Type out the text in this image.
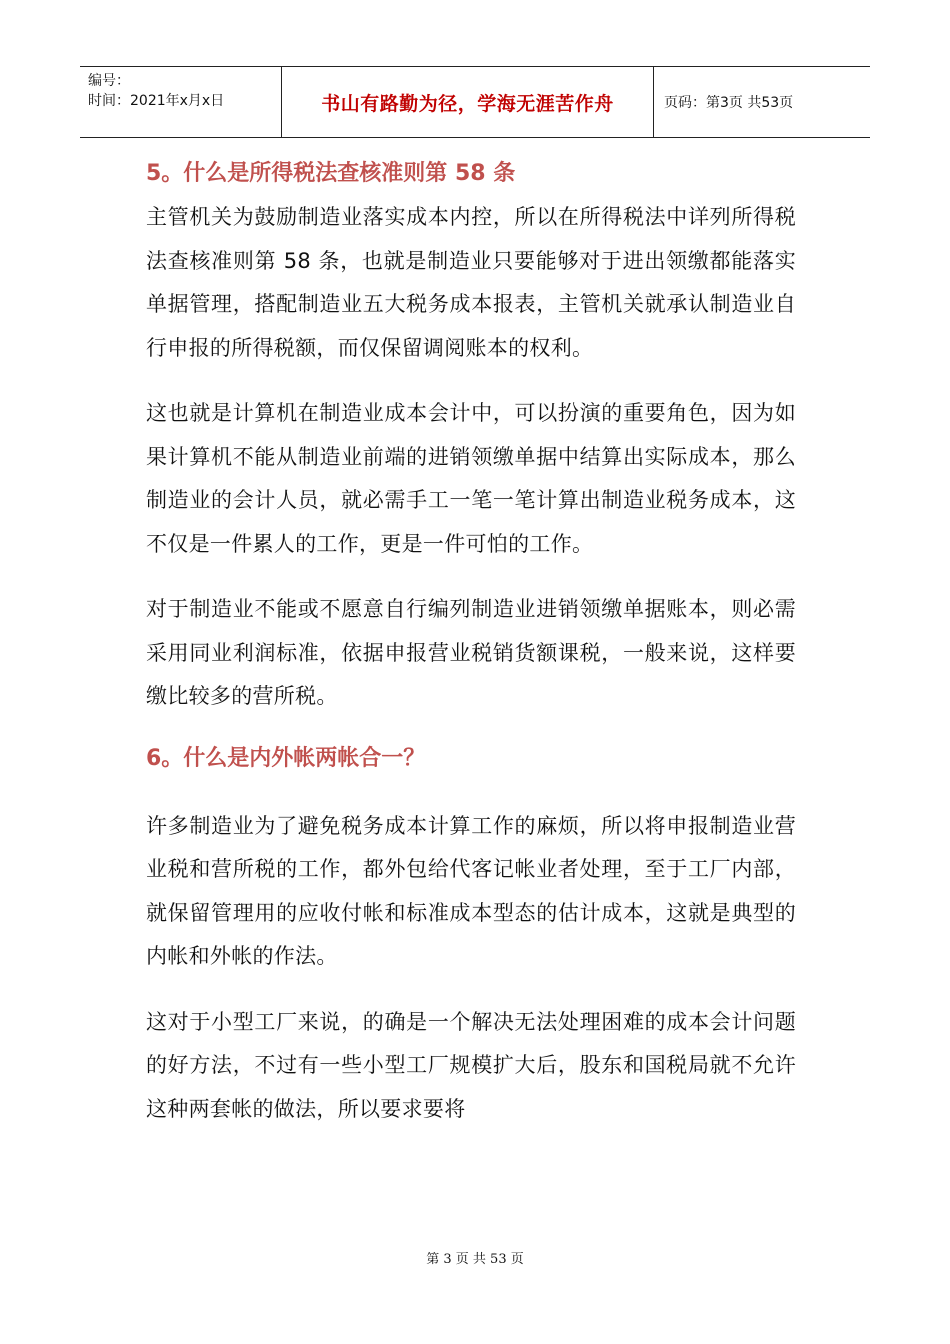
编号：
时间：2021年x月x日	书山有路勤为径，学海无涯苦作舟	页码：第3页 共53页
5。什么是所得税法查核准则第 58 条

主管机关为鼓励制造业落实成本内控，所以在所得税法中详列所得税法查核准则第 58 条，也就是制造业只要能够对于进出领缴都能落实单据管理，搭配制造业五大税务成本报表，主管机关就承认制造业自行申报的所得税额，而仅保留调阅账本的权利。

这也就是计算机在制造业成本会计中，可以扮演的重要角色，因为如果计算机不能从制造业前端的进销领缴单据中结算出实际成本，那么制造业的会计人员，就必需手工一笔一笔计算出制造业税务成本，这不仅是一件累人的工作，更是一件可怕的工作。

对于制造业不能或不愿意自行编列制造业进销领缴单据账本，则必需采用同业利润标准，依据申报营业税销货额课税，一般来说，这样要缴比较多的营所税。

6。什么是内外帐两帐合一？

许多制造业为了避免税务成本计算工作的麻烦，所以将申报制造业营业税和营所税的工作，都外包给代客记帐业者处理，至于工厂内部，就保留管理用的应收付帐和标准成本型态的估计成本，这就是典型的内帐和外帐的作法。

这对于小型工厂来说，的确是一个解决无法处理困难的成本会计问题的好方法，不过有一些小型工厂规模扩大后，股东和国税局就不允许这种两套帐的做法，所以要求要将

第 3 页 共 53 页
